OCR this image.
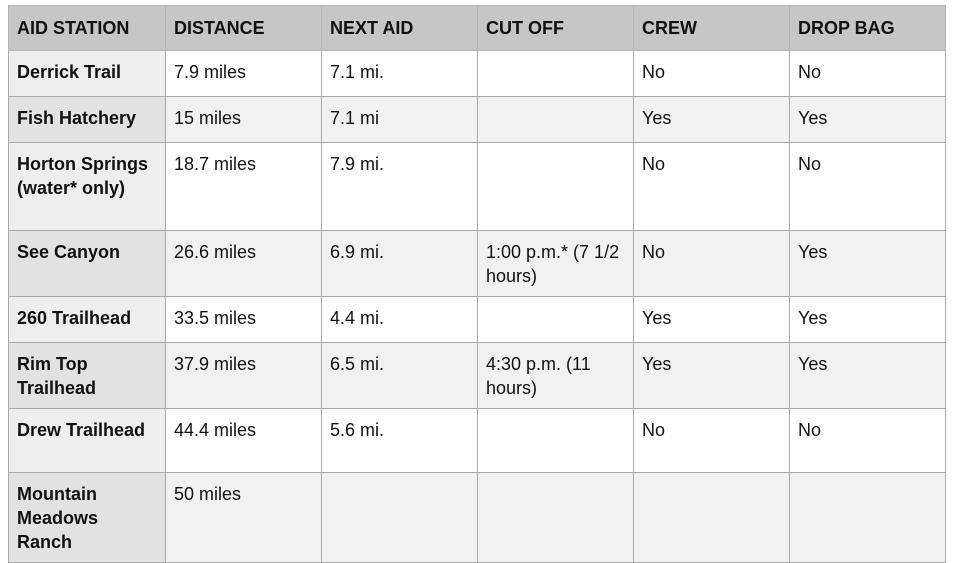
AID STATION	DISTANCE	NEXT AID	CUT OFF	CREW	DROP BAG
Derrick Trail	7.9 miles	7.1 mi.		No	No
Fish Hatchery	15 miles	7.1 mi		Yes	Yes
Horton Springs (water* only)	18.7 miles	7.9 mi.		No	No
See Canyon	26.6 miles	6.9 mi.	1:00 p.m.* (7 1/2 hours)	No	Yes
260 Trailhead	33.5 miles	4.4 mi.		Yes	Yes
Rim Top Trailhead	37.9 miles	6.5 mi.	4:30 p.m. (11 hours)	Yes	Yes
Drew Trailhead	44.4 miles	5.6 mi.		No	No
Mountain Meadows Ranch	50 miles				
